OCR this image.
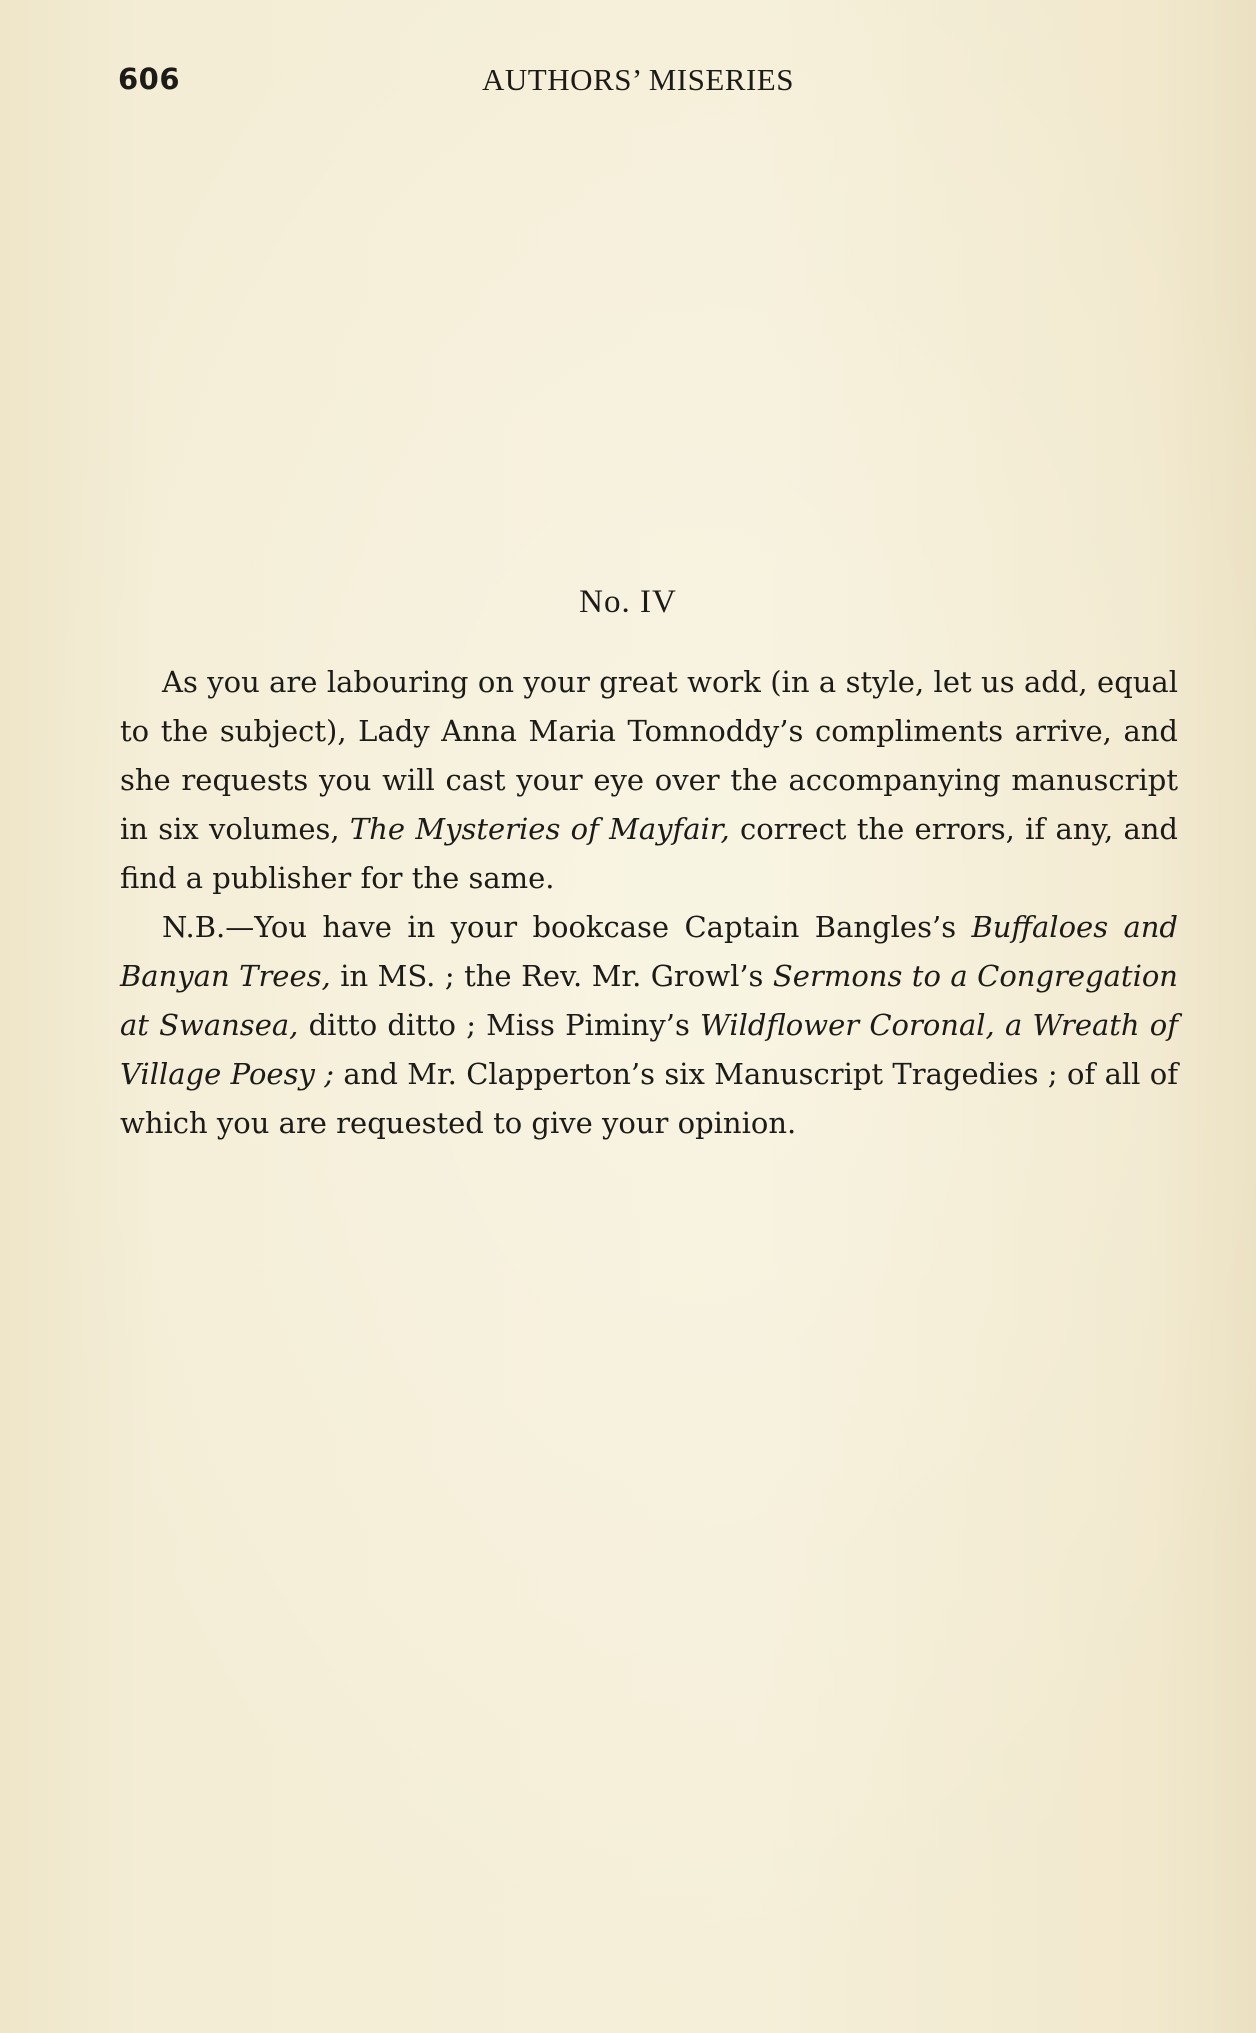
606	AUTHORS’ MISERIES
No. IV

As you are labouring on your great work (in a style, let us add, equal to the subject), Lady Anna Maria Tomnoddy’s compliments arrive, and she requests you will cast your eye over the accompanying manuscript in six volumes, The Mysteries of Mayfair, correct the errors, if any, and find a publisher for the same.

N.B.—You have in your bookcase Captain Bangles’s Buffaloes and Banyan Trees, in MS. ; the Rev. Mr. Growl’s Sermons to a Congregation at Swansea, ditto ditto ; Miss Piminy’s Wildflower Coronal, a Wreath of Village Poesy ; and Mr. Clapperton’s six Manuscript Tragedies ; of all of which you are requested to give your opinion.
